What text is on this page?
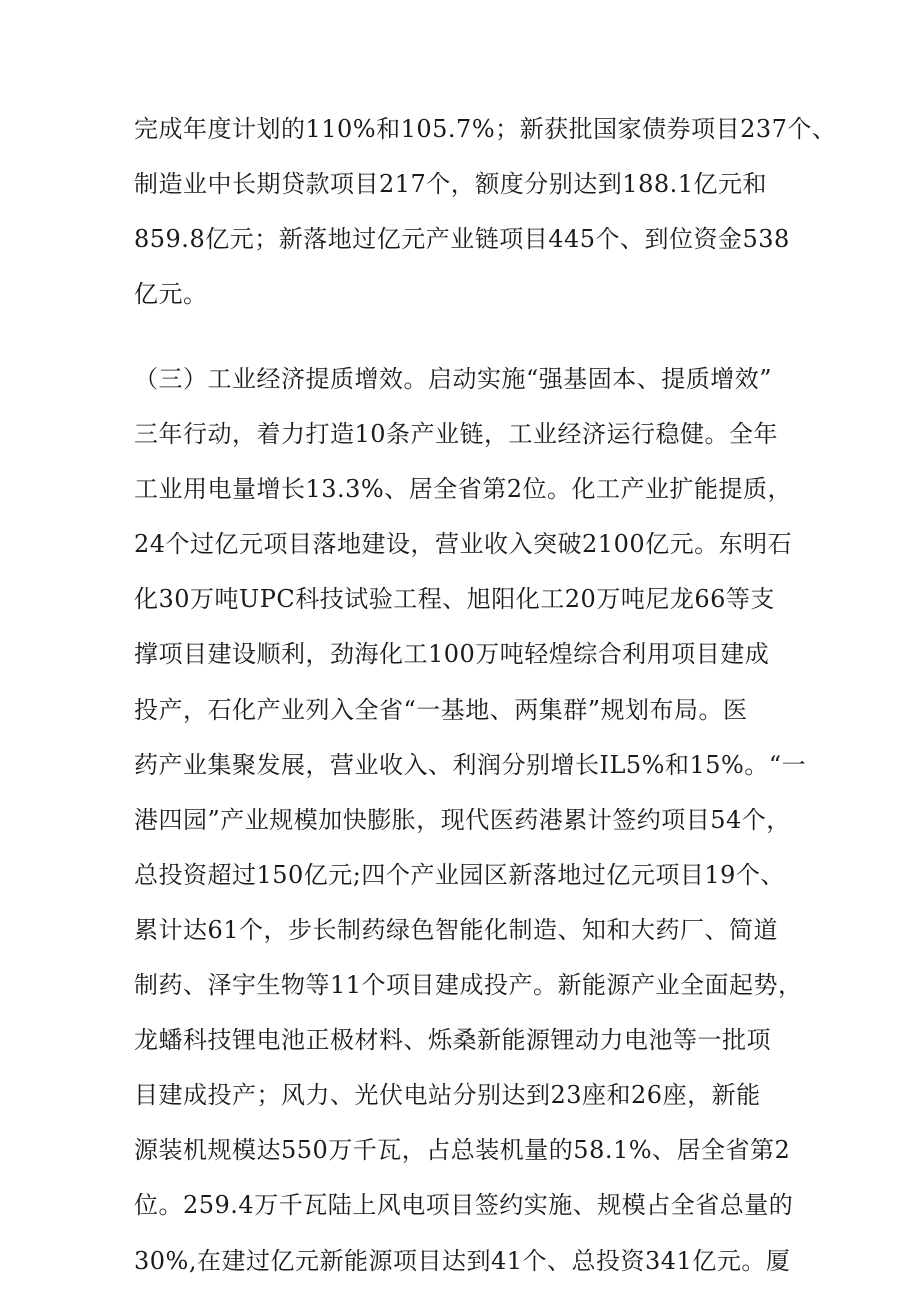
完成年度计划的110%和105.7%；新获批国家债券项目237个、
制造业中长期贷款项目217个，额度分别达到188.1亿元和
859.8亿元；新落地过亿元产业链项目445个、到位资金538
亿元。

（三）工业经济提质增效。启动实施“强基固本、提质增效”
三年行动，着力打造10条产业链，工业经济运行稳健。全年
工业用电量增长13.3%、居全省第2位。化工产业扩能提质，
24个过亿元项目落地建设，营业收入突破2100亿元。东明石
化30万吨UPC科技试验工程、旭阳化工20万吨尼龙66等支
撑项目建设顺利，劲海化工100万吨轻煌综合利用项目建成
投产，石化产业列入全省“一基地、两集群”规划布局。医
药产业集聚发展，营业收入、利润分别增长IL5%和15%。“一
港四园”产业规模加快膨胀，现代医药港累计签约项目54个，
总投资超过150亿元;四个产业园区新落地过亿元项目19个、
累计达61个，步长制药绿色智能化制造、知和大药厂、简道
制药、泽宇生物等11个项目建成投产。新能源产业全面起势，
龙蟠科技锂电池正极材料、烁桑新能源锂动力电池等一批项
目建成投产；风力、光伏电站分别达到23座和26座，新能
源装机规模达550万千瓦，占总装机量的58.1%、居全省第2
位。259.4万千瓦陆上风电项目签约实施、规模占全省总量的
30%,在建过亿元新能源项目达到41个、总投资341亿元。厦
